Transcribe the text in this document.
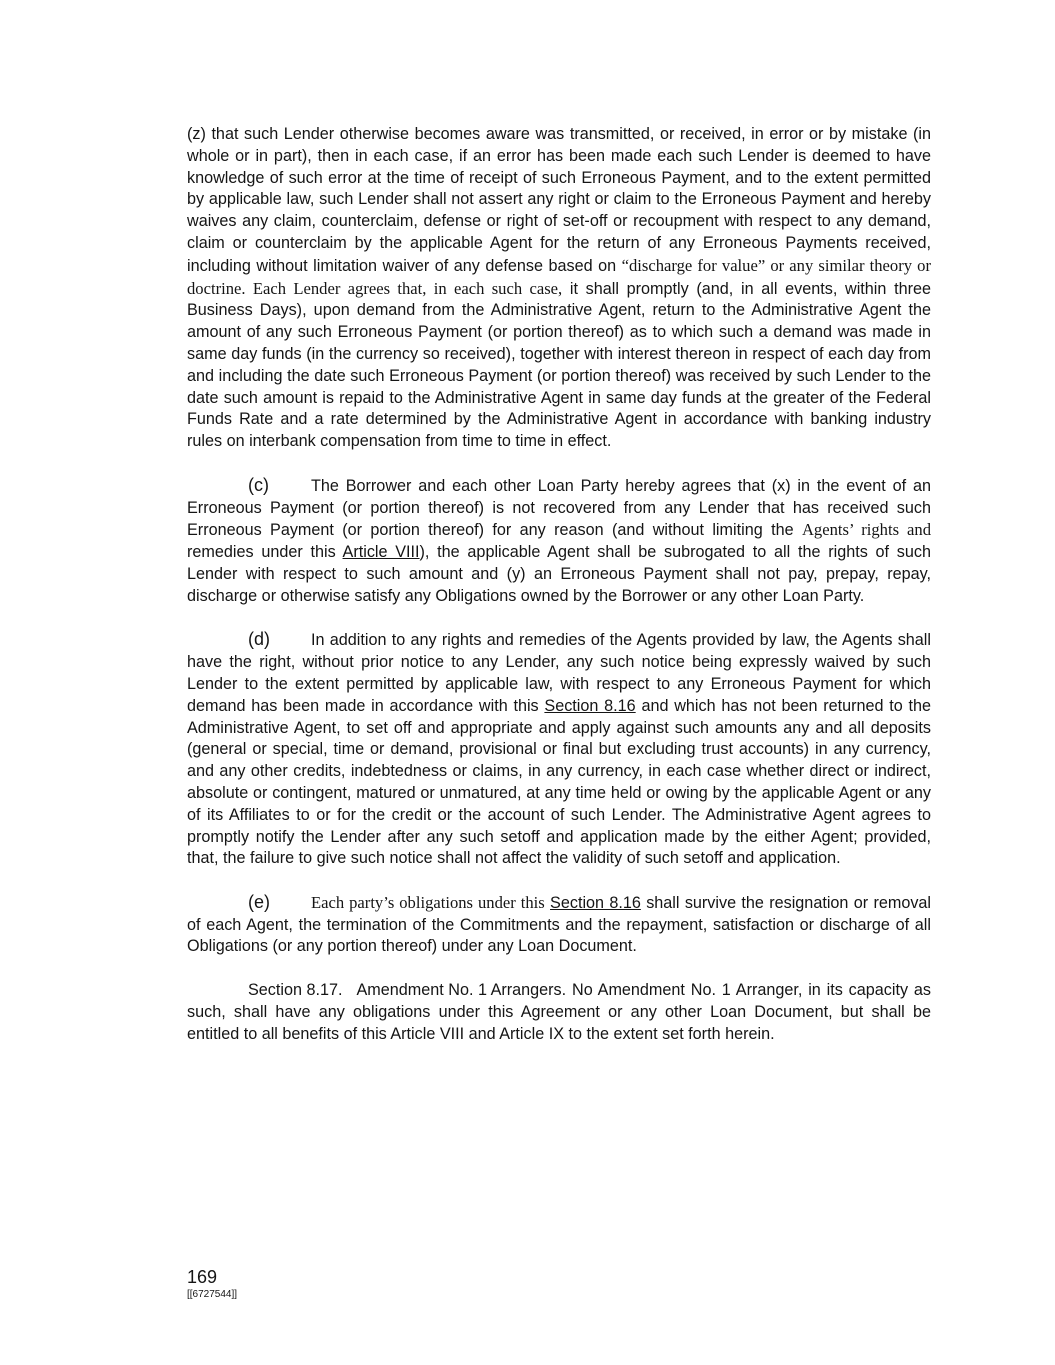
(z) that such Lender otherwise becomes aware was transmitted, or received, in error or by mistake (in whole or in part), then in each case, if an error has been made each such Lender is deemed to have knowledge of such error at the time of receipt of such Erroneous Payment, and to the extent permitted by applicable law, such Lender shall not assert any right or claim to the Erroneous Payment and hereby waives any claim, counterclaim, defense or right of set-off or recoupment with respect to any demand, claim or counterclaim by the applicable Agent for the return of any Erroneous Payments received, including without limitation waiver of any defense based on “discharge for value” or any similar theory or doctrine. Each Lender agrees that, in each such case, it shall promptly (and, in all events, within three Business Days), upon demand from the Administrative Agent, return to the Administrative Agent the amount of any such Erroneous Payment (or portion thereof) as to which such a demand was made in same day funds (in the currency so received), together with interest thereon in respect of each day from and including the date such Erroneous Payment (or portion thereof) was received by such Lender to the date such amount is repaid to the Administrative Agent in same day funds at the greater of the Federal Funds Rate and a rate determined by the Administrative Agent in accordance with banking industry rules on interbank compensation from time to time in effect.

(c)	The Borrower and each other Loan Party hereby agrees that (x) in the event of an Erroneous Payment (or portion thereof) is not recovered from any Lender that has received such Erroneous Payment (or portion thereof) for any reason (and without limiting the Agents’ rights and remedies under this Article VIII), the applicable Agent shall be subrogated to all the rights of such Lender with respect to such amount and (y) an Erroneous Payment shall not pay, prepay, repay, discharge or otherwise satisfy any Obligations owned by the Borrower or any other Loan Party.

(d)	In addition to any rights and remedies of the Agents provided by law, the Agents shall have the right, without prior notice to any Lender, any such notice being expressly waived by such Lender to the extent permitted by applicable law, with respect to any Erroneous Payment for which demand has been made in accordance with this Section 8.16 and which has not been returned to the Administrative Agent, to set off and appropriate and apply against such amounts any and all deposits (general or special, time or demand, provisional or final but excluding trust accounts) in any currency, and any other credits, indebtedness or claims, in any currency, in each case whether direct or indirect, absolute or contingent, matured or unmatured, at any time held or owing by the applicable Agent or any of its Affiliates to or for the credit or the account of such Lender. The Administrative Agent agrees to promptly notify the Lender after any such setoff and application made by the either Agent; provided, that, the failure to give such notice shall not affect the validity of such setoff and application.

(e) Each party’s obligations under this Section 8.16 shall survive the resignation or removal of each Agent, the termination of the Commitments and the repayment, satisfaction or discharge of all Obligations (or any portion thereof) under any Loan Document.

Section 8.17. Amendment No. 1 Arrangers. No Amendment No. 1 Arranger, in its capacity as such, shall have any obligations under this Agreement or any other Loan Document, but shall be entitled to all benefits of this Article VIII and Article IX to the extent set forth herein.

169
[[6727544]]
